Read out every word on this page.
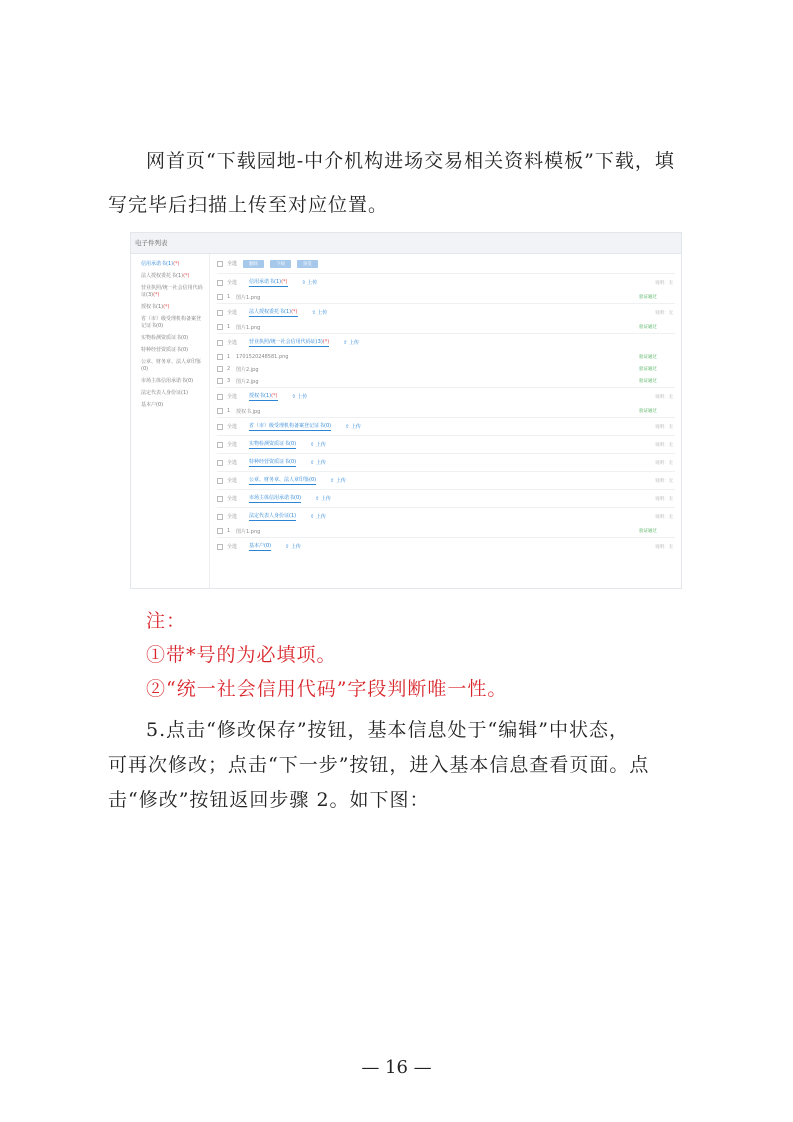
网首页“下载园地-中介机构进场交易相关资料模板”下载，填
写完毕后扫描上传至对应位置。
电子件列表
信用承诺书(1)(*)
法人授权委托书(1)(*)
营业执照/统一社会信用代码证(3)(*)
授权书(1)(*)
省（市）级受理机构备案登记证书(0)
实物检测资质证书(0)
特种经营资质证书(0)
公章、财务章、法人章印鉴(0)
市场主体信用承诺书(0)
法定代表人身份证(1)
基本户(0)
全选	删除	下载	预览
全选	信用承诺书(1)(*)	⇧ 上传	说明：无
1	图片1.png	验证通过
全选	法人授权委托书(1)(*)	⇧ 上传	说明：无
1	图片1.png	验证通过
全选	营业执照/统一社会信用代码证(3)(*)	⇧ 上传
1	1701520248581.png	验证通过
2	图片2.jpg	验证通过
3	图片2.jpg	验证通过
全选	授权书(1)(*)	⇧ 上传	说明：无
1	授权书.jpg	验证通过
全选	省（市）级受理机构备案登记证书(0)	⇧ 上传	说明：无
全选	实物检测资质证书(0)	⇧ 上传	说明：无
全选	特种经营资质证书(0)	⇧ 上传	说明：无
全选	公章、财务章、法人章印鉴(0)	⇧ 上传	说明：无
全选	市场主体信用承诺书(0)	⇧ 上传	说明：无
全选	法定代表人身份证(1)	⇧ 上传	说明：无
1	图片1.png	验证通过
全选	基本户(0)	⇧ 上传	说明：无
注：
①带*号的为必填项。
②“统一社会信用代码”字段判断唯一性。
5.点击“修改保存”按钮，基本信息处于“编辑”中状态，
可再次修改；点击“下一步”按钮，进入基本信息查看页面。点
击“修改”按钮返回步骤 2。如下图：
— 16 —
